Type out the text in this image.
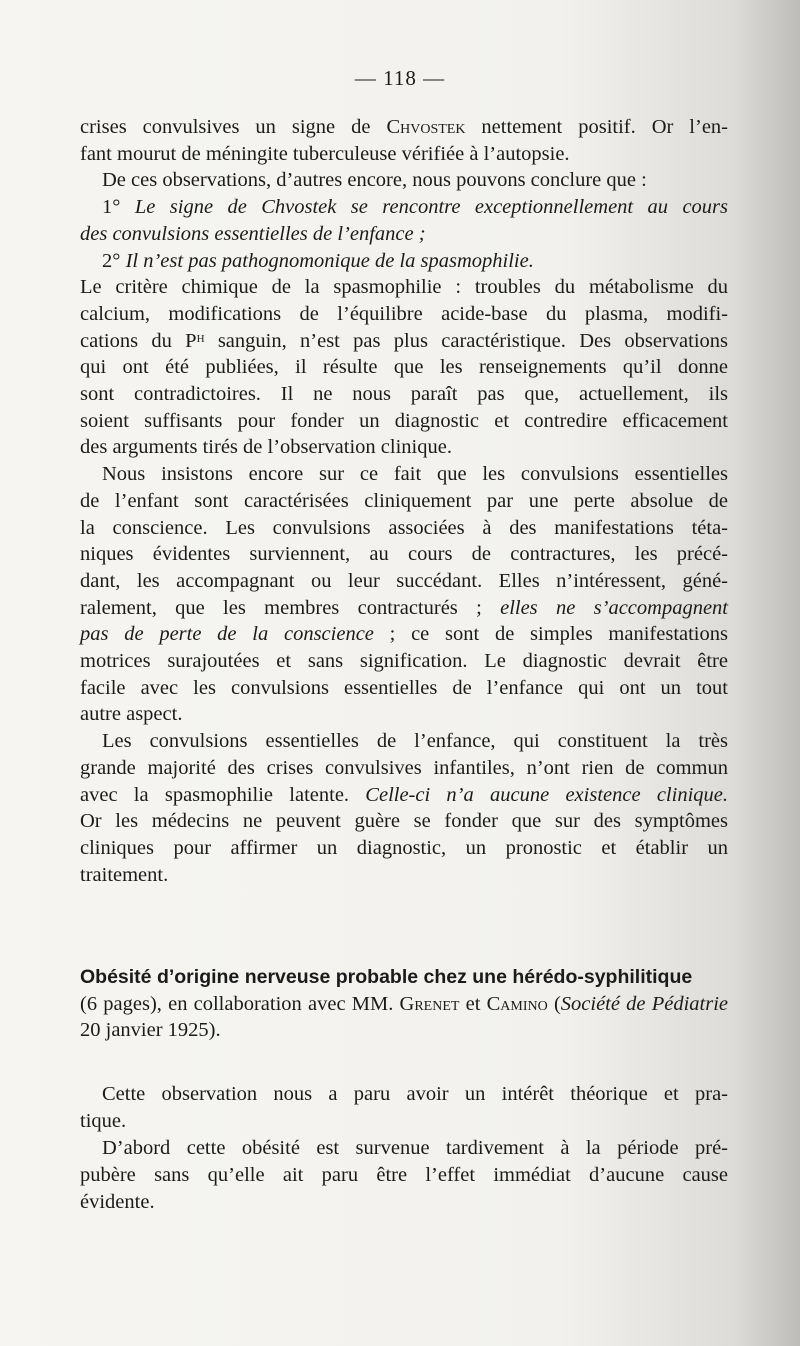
— 118 —
crises convulsives un signe de Chvostek nettement positif. Or l’en-
fant mourut de méningite tuberculeuse vérifiée à l’autopsie.
De ces observations, d’autres encore, nous pouvons conclure que :
1° Le signe de Chvostek se rencontre exceptionnellement au cours
des convulsions essentielles de l’enfance ;
2° Il n’est pas pathognomonique de la spasmophilie.
Le critère chimique de la spasmophilie : troubles du métabolisme du
calcium, modifications de l’équilibre acide-base du plasma, modifi-
cations du $P^H$ sanguin, n’est pas plus caractéristique. Des observations
qui ont été publiées, il résulte que les renseignements qu’il donne
sont contradictoires. Il ne nous paraît pas que, actuellement, ils
soient suffisants pour fonder un diagnostic et contredire efficacement
des arguments tirés de l’observation clinique.
Nous insistons encore sur ce fait que les convulsions essentielles
de l’enfant sont caractérisées cliniquement par une perte absolue de
la conscience. Les convulsions associées à des manifestations téta-
niques évidentes surviennent, au cours de contractures, les précé-
dant, les accompagnant ou leur succédant. Elles n’intéressent, géné-
ralement, que les membres contracturés ; elles ne s’accompagnent
pas de perte de la conscience ; ce sont de simples manifestations
motrices surajoutées et sans signification. Le diagnostic devrait être
facile avec les convulsions essentielles de l’enfance qui ont un tout
autre aspect.
Les convulsions essentielles de l’enfance, qui constituent la très
grande majorité des crises convulsives infantiles, n’ont rien de commun
avec la spasmophilie latente. Celle-ci n’a aucune existence clinique.
Or les médecins ne peuvent guère se fonder que sur des symptômes
cliniques pour affirmer un diagnostic, un pronostic et établir un
traitement.
Obésité d’origine nerveuse probable chez une hérédo-syphilitique
(6 pages), en collaboration avec MM. Grenet et Camino (Société de Pédiatrie
20 janvier 1925).
Cette observation nous a paru avoir un intérêt théorique et pra-
tique.
D’abord cette obésité est survenue tardivement à la période pré-
pubère sans qu’elle ait paru être l’effet immédiat d’aucune cause
évidente.
